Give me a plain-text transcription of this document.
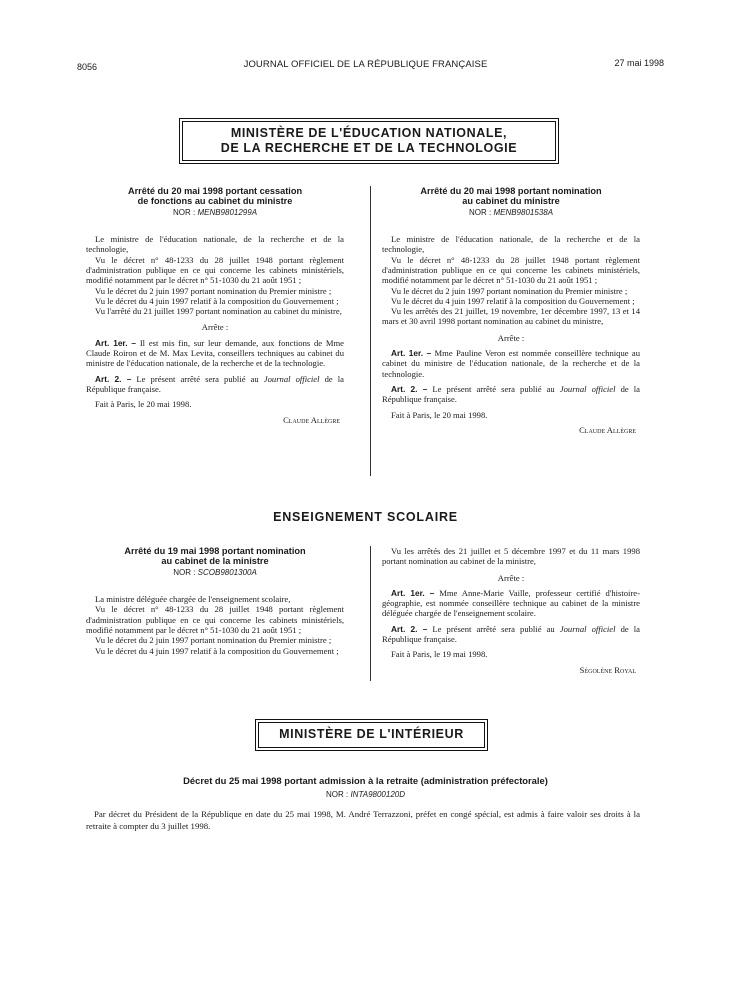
8056	JOURNAL OFFICIEL DE LA RÉPUBLIQUE FRANÇAISE	27 mai 1998
MINISTÈRE DE L'ÉDUCATION NATIONALE,
DE LA RECHERCHE ET DE LA TECHNOLOGIE
Arrêté du 20 mai 1998 portant cessation
de fonctions au cabinet du ministre
NOR : MENB9801299A

Le ministre de l'éducation nationale, de la recherche et de la technologie,

Vu le décret n° 48-1233 du 28 juillet 1948 portant règlement d'administration publique en ce qui concerne les cabinets ministériels, modifié notamment par le décret n° 51-1030 du 21 août 1951 ;

Vu le décret du 2 juin 1997 portant nomination du Premier ministre ;

Vu le décret du 4 juin 1997 relatif à la composition du Gouvernement ;

Vu l'arrêté du 21 juillet 1997 portant nomination au cabinet du ministre,

Arrête :

Art. 1er. – Il est mis fin, sur leur demande, aux fonctions de Mme Claude Roiron et de M. Max Levita, conseillers techniques au cabinet du ministre de l'éducation nationale, de la recherche et de la technologie.

Art. 2. – Le présent arrêté sera publié au Journal officiel de la République française.

Fait à Paris, le 20 mai 1998.

Claude Allègre
Arrêté du 20 mai 1998 portant nomination
au cabinet du ministre
NOR : MENB9801538A

Le ministre de l'éducation nationale, de la recherche et de la technologie,

Vu le décret n° 48-1233 du 28 juillet 1948 portant règlement d'administration publique en ce qui concerne les cabinets ministériels, modifié notamment par le décret n° 51-1030 du 21 août 1951 ;

Vu le décret du 2 juin 1997 portant nomination du Premier ministre ;

Vu le décret du 4 juin 1997 relatif à la composition du Gouvernement ;

Vu les arrêtés des 21 juillet, 19 novembre, 1er décembre 1997, 13 et 14 mars et 30 avril 1998 portant nomination au cabinet du ministre,

Arrête :

Art. 1er. – Mme Pauline Veron est nommée conseillère technique au cabinet du ministre de l'éducation nationale, de la recherche et de la technologie.

Art. 2. – Le présent arrêté sera publié au Journal officiel de la République française.

Fait à Paris, le 20 mai 1998.

Claude Allègre
ENSEIGNEMENT SCOLAIRE
Arrêté du 19 mai 1998 portant nomination
au cabinet de la ministre
NOR : SCOB9801300A

La ministre déléguée chargée de l'enseignement scolaire,

Vu le décret n° 48-1233 du 28 juillet 1948 portant règlement d'administration publique en ce qui concerne les cabinets ministériels, modifié notamment par le décret n° 51-1030 du 21 août 1951 ;

Vu le décret du 2 juin 1997 portant nomination du Premier ministre ;

Vu le décret du 4 juin 1997 relatif à la composition du Gouvernement ;

Vu les arrêtés des 21 juillet et 5 décembre 1997 et du 11 mars 1998 portant nomination au cabinet de la ministre,

Arrête :

Art. 1er. – Mme Anne-Marie Vaille, professeur certifié d'histoire-géographie, est nommée conseillère technique au cabinet de la ministre déléguée chargée de l'enseignement scolaire.

Art. 2. – Le présent arrêté sera publié au Journal officiel de la République française.

Fait à Paris, le 19 mai 1998.

Ségolène Royal
MINISTÈRE DE L'INTÉRIEUR
Décret du 25 mai 1998 portant admission à la retraite (administration préfectorale)
NOR : INTA9800120D
Par décret du Président de la République en date du 25 mai 1998, M. André Terrazzoni, préfet en congé spécial, est admis à faire valoir ses droits à la retraite à compter du 3 juillet 1998.
